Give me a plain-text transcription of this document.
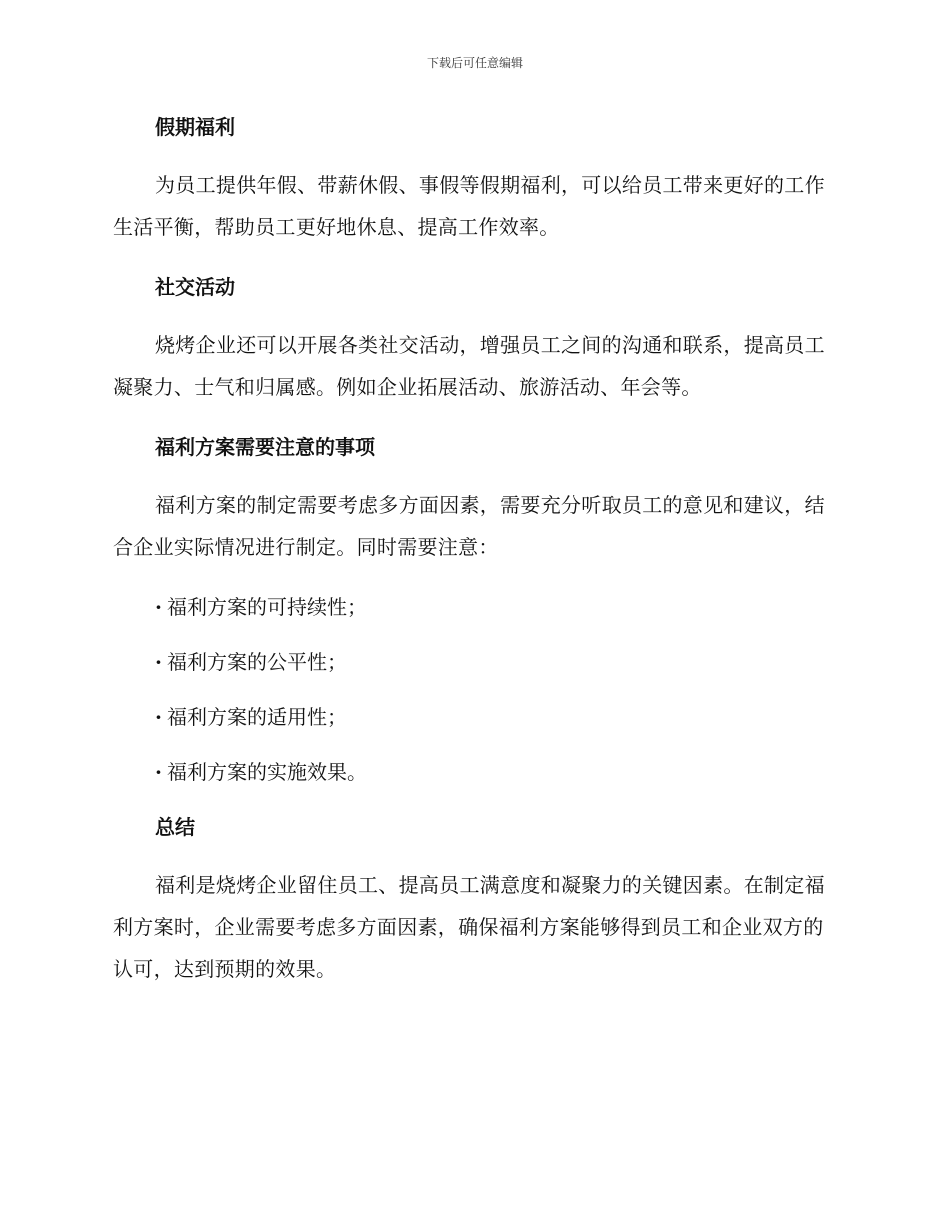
下载后可任意编辑
假期福利

为员工提供年假、带薪休假、事假等假期福利，可以给员工带来更好的工作生活平衡，帮助员工更好地休息、提高工作效率。

社交活动

烧烤企业还可以开展各类社交活动，增强员工之间的沟通和联系，提高员工凝聚力、士气和归属感。例如企业拓展活动、旅游活动、年会等。

福利方案需要注意的事项

福利方案的制定需要考虑多方面因素，需要充分听取员工的意见和建议，结合企业实际情况进行制定。同时需要注意：

· 福利方案的可持续性；
· 福利方案的公平性；
· 福利方案的适用性；
· 福利方案的实施效果。
总结

福利是烧烤企业留住员工、提高员工满意度和凝聚力的关键因素。在制定福利方案时，企业需要考虑多方面因素，确保福利方案能够得到员工和企业双方的认可，达到预期的效果。
